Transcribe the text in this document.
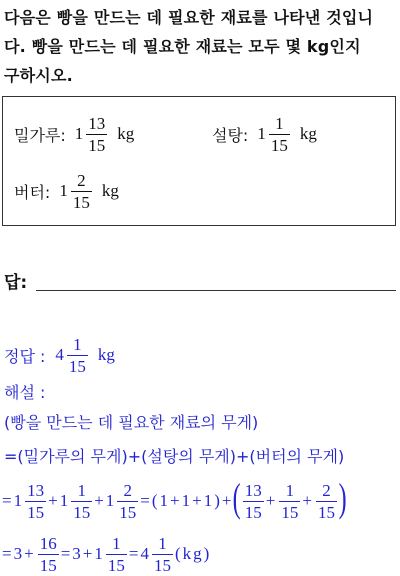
다음은 빵을 만드는 데 필요한 재료를 나타낸 것입니
다. 빵을 만드는 데 필요한 재료는 모두 몇 kg인지
구하시오.
밀가루: $1 \frac{13}{15}$ kg	설탕: $1 \frac{1}{15}$ kg
버터: $1 \frac{2}{15}$ kg
답:
정답 : $4 \frac{1}{15}$ kg
해설 :
(빵을 만드는 데 필요한 재료의 무게)
=(밀가루의 무게)+(설탕의 무게)+(버터의 무게)
= $1 \frac{13}{15} + 1 \frac{1}{15} + 1 \frac{2}{15} =(1+1+1)+$ ( $\frac{13}{15} + \frac{1}{15} + \frac{2}{15}$ )
$=3+ \frac{16}{15} =3+ 1 \frac{1}{15} = 4 \frac{1}{15} (kg)$
